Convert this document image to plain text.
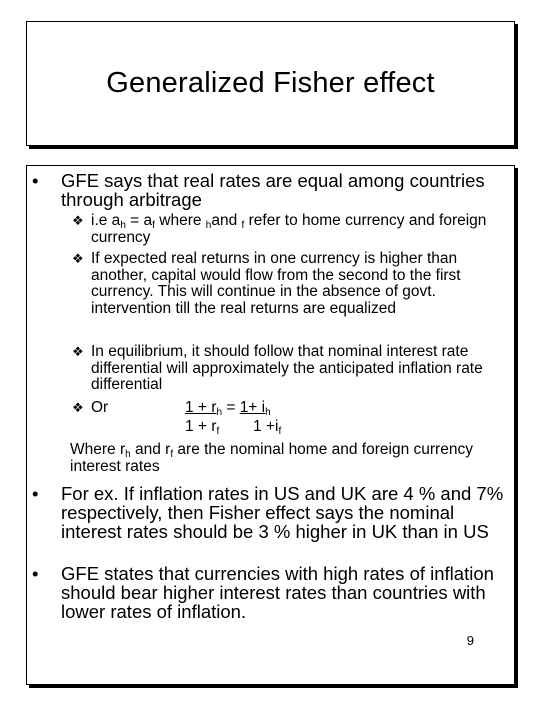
Generalized Fisher effect
• GFE says that real rates are equal among countries through arbitrage
❖ i.e $a_h = a_f$ where $_h$and $_f$ refer to home currency and foreign currency
❖ If expected real returns in one currency is higher than another, capital would flow from the second to the first currency. This will continue in the absence of govt. intervention till the real returns are equalized
❖ In equilibrium, it should follow that nominal interest rate differential will approximately the anticipated inflation rate differential
❖ Or	$1 + r_h = 1+ i_h$
$1 + r_f$ $1 +i_f$
Where $r_h$ and $r_f$ are the nominal home and foreign currency interest rates
• For ex. If inflation rates in US and UK are 4 % and 7% respectively, then Fisher effect says the nominal interest rates should be 3 % higher in UK than in US
• GFE states that currencies with high rates of inflation should bear higher interest rates than countries with lower rates of inflation.
9
